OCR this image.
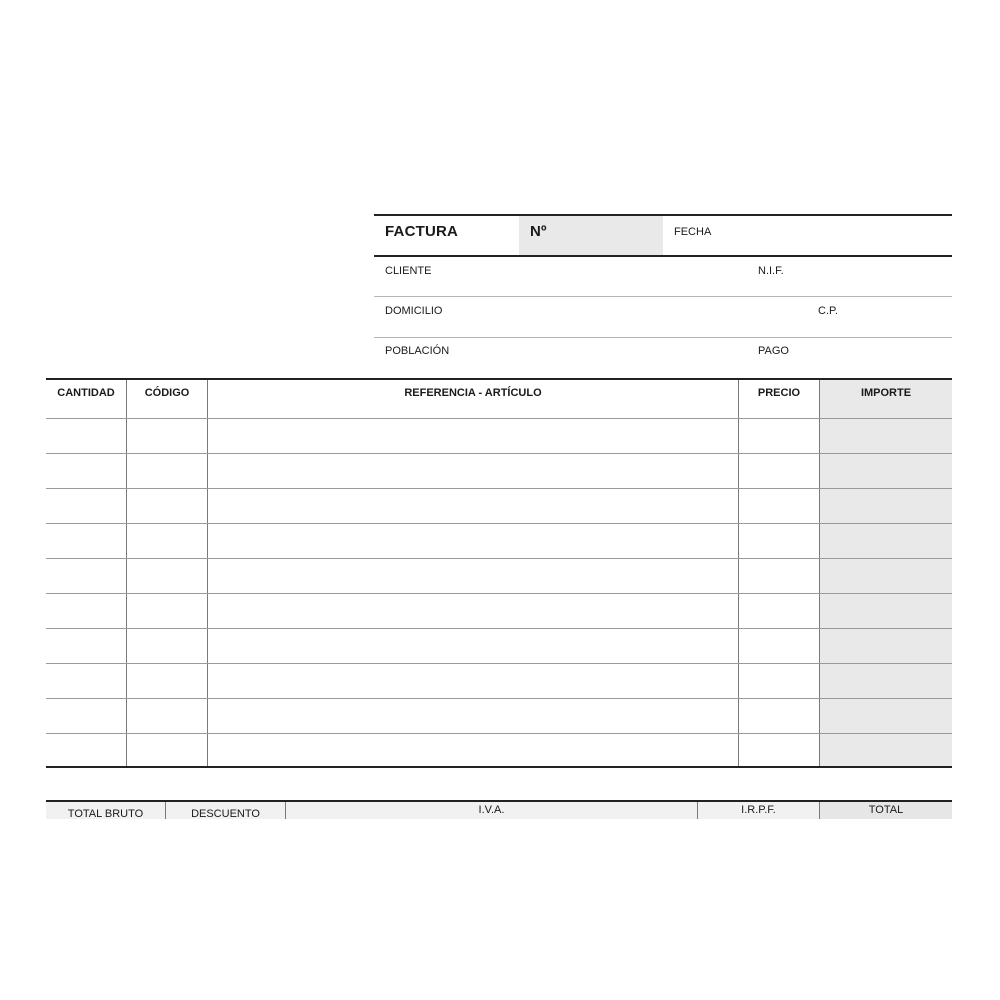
FACTURA	Nº	FECHA
CLIENTE	N.I.F.
DOMICILIO	C.P.
POBLACIÓN	PAGO
CANTIDAD	CÓDIGO	REFERENCIA - ARTÍCULO	PRECIO	IMPORTE
TOTAL BRUTO	DESCUENTO	I.V.A.	I.R.P.F.	TOTAL
